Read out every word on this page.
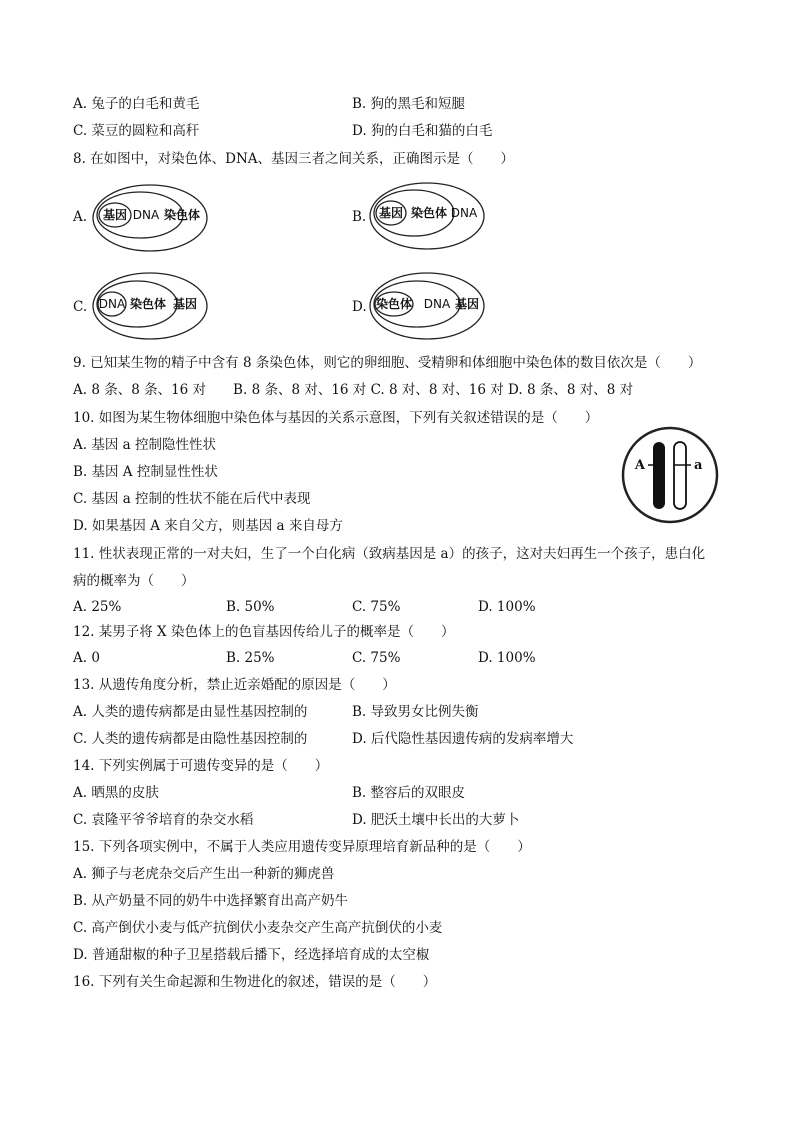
A. 兔子的白毛和黄毛	B. 狗的黑毛和短腿
C. 菜豆的圆粒和高秆	D. 狗的白毛和猫的白毛
8. 在如图中，对染色体、DNA、基因三者之间关系，正确图示是（　　）
A. 基因 DNA 染色体	B. 基因 染色体 DNA
C. DNA 染色体 基因	D. 染色体 DNA 基因
9. 已知某生物的精子中含有 8 条染色体，则它的卵细胞、受精卵和体细胞中染色体的数目依次是（　　）
A. 8 条、8 条、16 对　　B. 8 条、8 对、16 对 C. 8 对、8 对、16 对 D. 8 条、8 对、8 对
10. 如图为某生物体细胞中染色体与基因的关系示意图，下列有关叙述错误的是（　　）
A. 基因 a 控制隐性性状
B. 基因 A 控制显性性状
C. 基因 a 控制的性状不能在后代中表现
D. 如果基因 A 来自父方，则基因 a 来自母方
A	a
11. 性状表现正常的一对夫妇，生了一个白化病（致病基因是 a）的孩子，这对夫妇再生一个孩子，患白化
病的概率为（　　）
A. 25%	B. 50%	C. 75%	D. 100%
12. 某男子将 X 染色体上的色盲基因传给儿子的概率是（　　）
A. 0	B. 25%	C. 75%	D. 100%
13. 从遗传角度分析，禁止近亲婚配的原因是（　　）
A. 人类的遗传病都是由显性基因控制的	B. 导致男女比例失衡
C. 人类的遗传病都是由隐性基因控制的	D. 后代隐性基因遗传病的发病率增大
14. 下列实例属于可遗传变异的是（　　）
A. 晒黑的皮肤	B. 整容后的双眼皮
C. 袁隆平爷爷培育的杂交水稻	D. 肥沃土壤中长出的大萝卜
15. 下列各项实例中，不属于人类应用遗传变异原理培育新品种的是（　　）
A. 狮子与老虎杂交后产生出一种新的狮虎兽
B. 从产奶量不同的奶牛中选择繁育出高产奶牛
C. 高产倒伏小麦与低产抗倒伏小麦杂交产生高产抗倒伏的小麦
D. 普通甜椒的种子卫星搭载后播下，经选择培育成的太空椒
16. 下列有关生命起源和生物进化的叙述，错误的是（　　）
